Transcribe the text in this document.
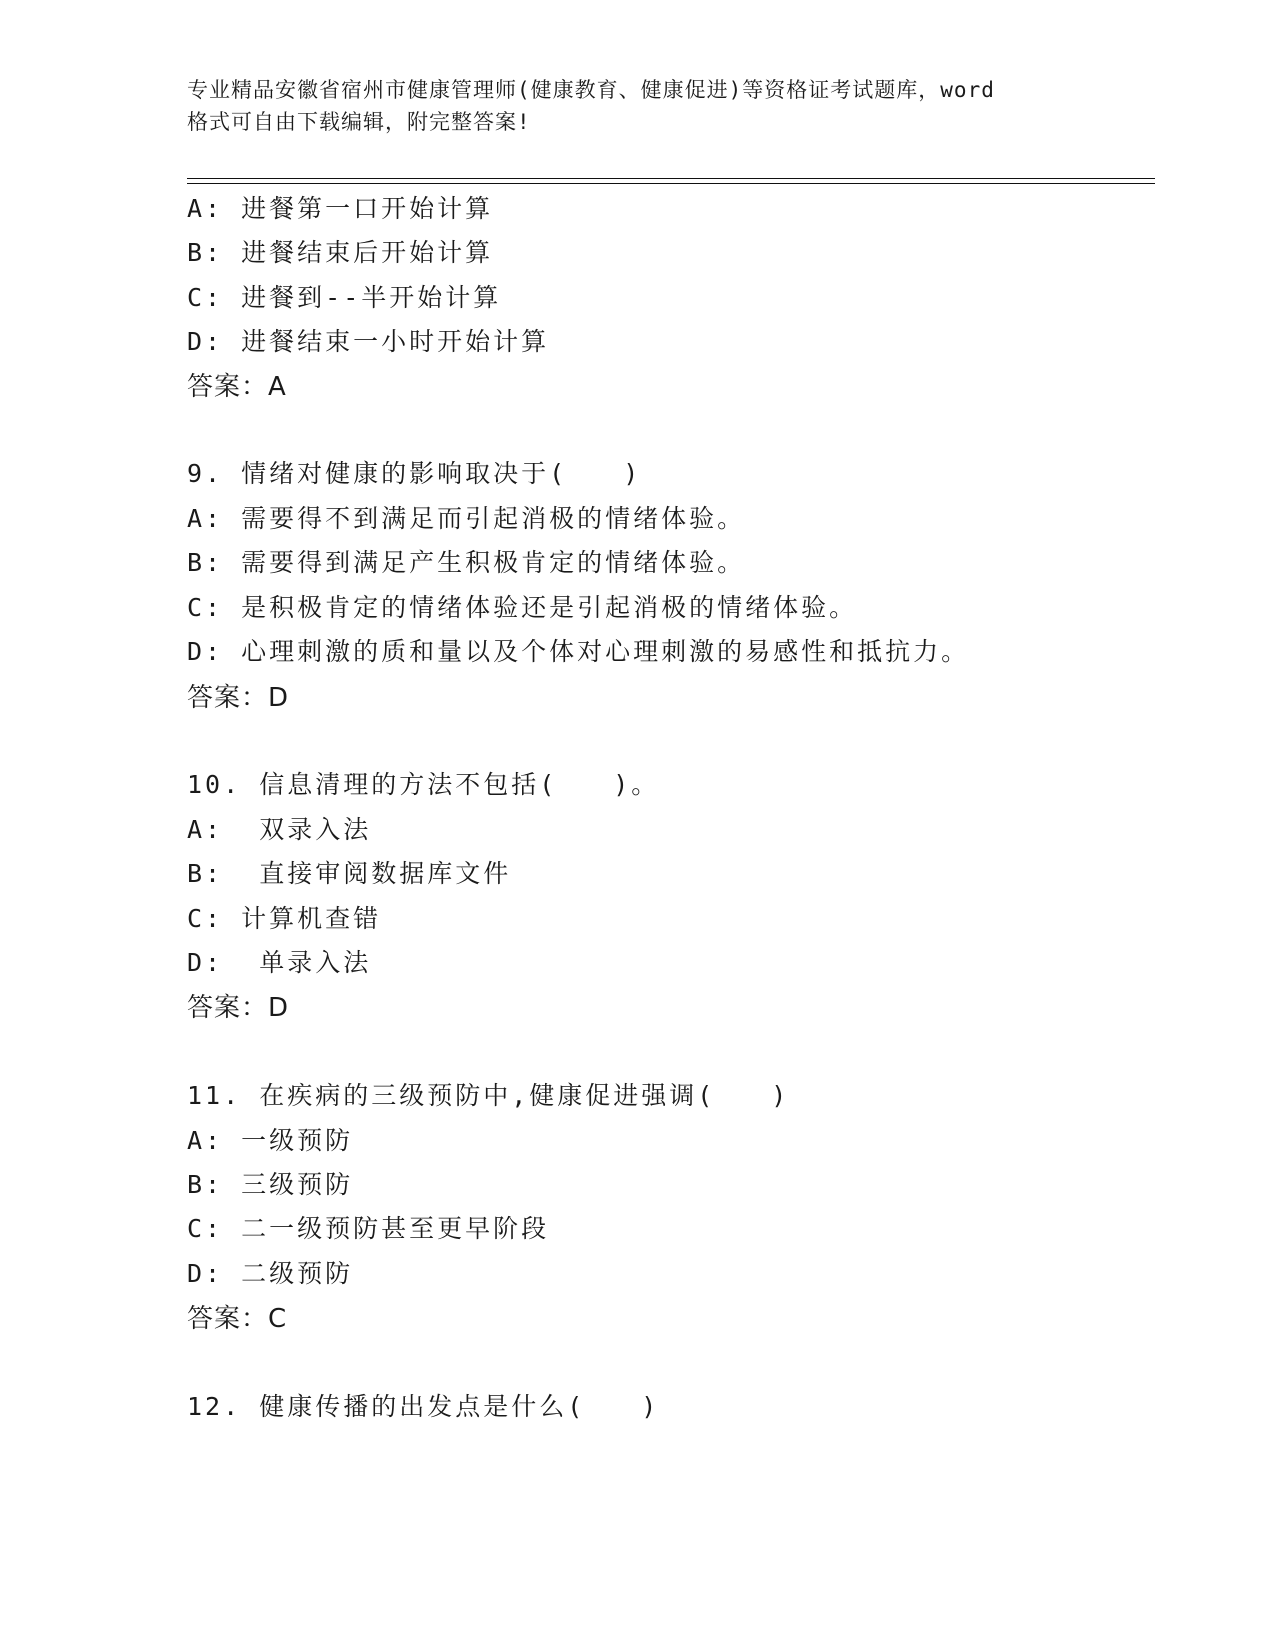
专业精品安徽省宿州市健康管理师(健康教育、健康促进)等资格证考试题库，word
格式可自由下载编辑，附完整答案!
A: 进餐第一口开始计算
B: 进餐结束后开始计算
C: 进餐到--半开始计算
D: 进餐结束一小时开始计算
答案：A
9. 情绪对健康的影响取决于(　　)
A: 需要得不到满足而引起消极的情绪体验。
B: 需要得到满足产生积极肯定的情绪体验。
C: 是积极肯定的情绪体验还是引起消极的情绪体验。
D: 心理刺激的质和量以及个体对心理刺激的易感性和抵抗力。
答案：D
10. 信息清理的方法不包括(　　)。
A:  双录入法
B:  直接审阅数据库文件
C: 计算机查错
D:  单录入法
答案：D
11. 在疾病的三级预防中,健康促进强调(　　)
A: 一级预防
B: 三级预防
C: 二一级预防甚至更早阶段
D: 二级预防
答案：C
12. 健康传播的出发点是什么(　　)
